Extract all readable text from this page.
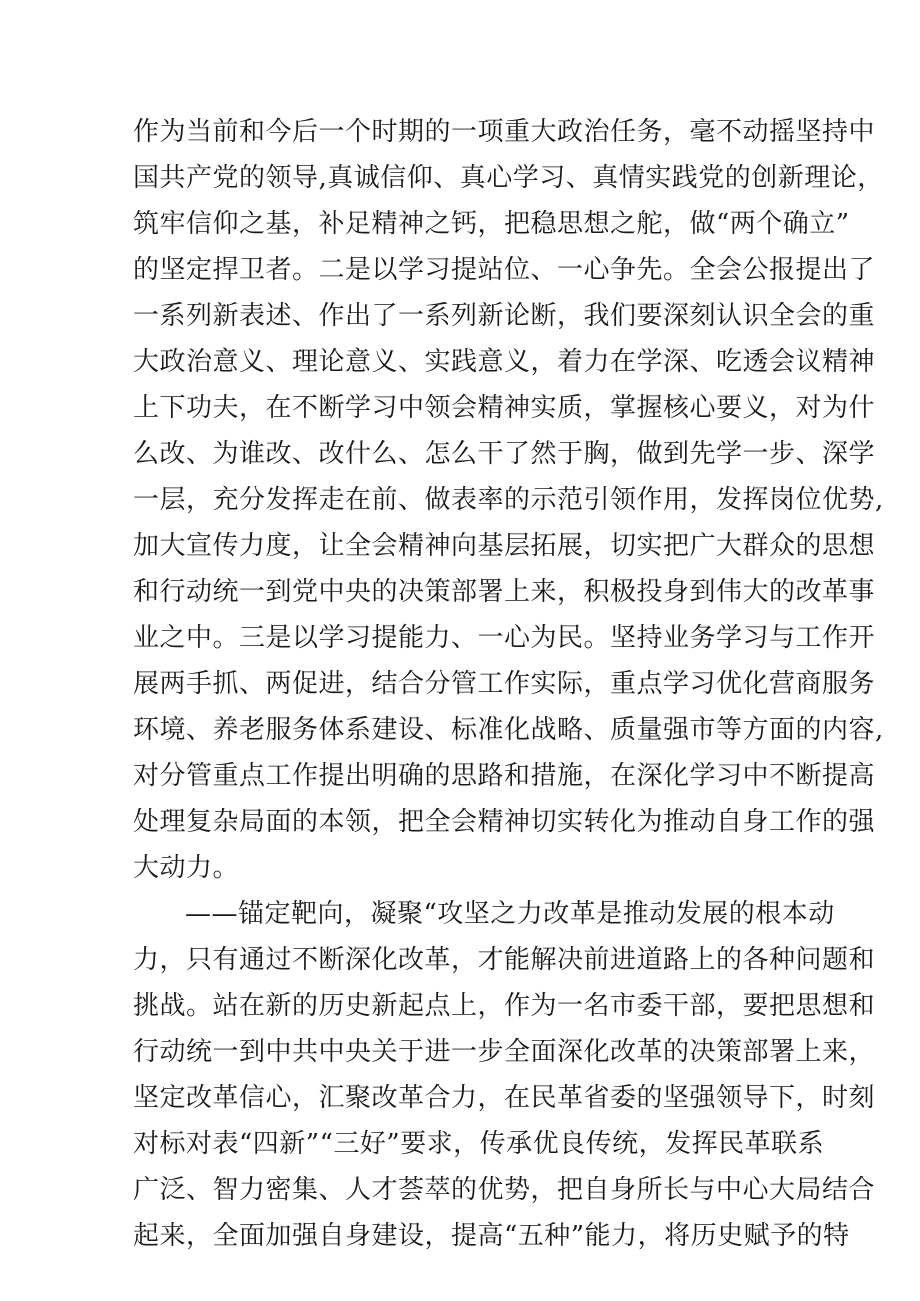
作为当前和今后一个时期的一项重大政治任务，毫不动摇坚持中
国共产党的领导,真诚信仰、真心学习、真情实践党的创新理论，
筑牢信仰之基，补足精神之钙，把稳思想之舵，做“两个确立”
的坚定捍卫者。二是以学习提站位、一心争先。全会公报提出了
一系列新表述、作出了一系列新论断，我们要深刻认识全会的重
大政治意义、理论意义、实践意义，着力在学深、吃透会议精神
上下功夫，在不断学习中领会精神实质，掌握核心要义，对为什
么改、为谁改、改什么、怎么干了然于胸，做到先学一步、深学
一层，充分发挥走在前、做表率的示范引领作用，发挥岗位优势,
加大宣传力度，让全会精神向基层拓展，切实把广大群众的思想
和行动统一到党中央的决策部署上来，积极投身到伟大的改革事
业之中。三是以学习提能力、一心为民。坚持业务学习与工作开
展两手抓、两促进，结合分管工作实际，重点学习优化营商服务
环境、养老服务体系建设、标准化战略、质量强市等方面的内容,
对分管重点工作提出明确的思路和措施，在深化学习中不断提高
处理复杂局面的本领，把全会精神切实转化为推动自身工作的强
大动力。
——锚定靶向，凝聚“攻坚之力改革是推动发展的根本动
力，只有通过不断深化改革，才能解决前进道路上的各种问题和
挑战。站在新的历史新起点上，作为一名市委干部，要把思想和
行动统一到中共中央关于进一步全面深化改革的决策部署上来，
坚定改革信心，汇聚改革合力，在民革省委的坚强领导下，时刻
对标对表“四新”“三好”要求，传承优良传统，发挥民革联系
广泛、智力密集、人才荟萃的优势，把自身所长与中心大局结合
起来，全面加强自身建设，提高“五种”能力，将历史赋予的特
